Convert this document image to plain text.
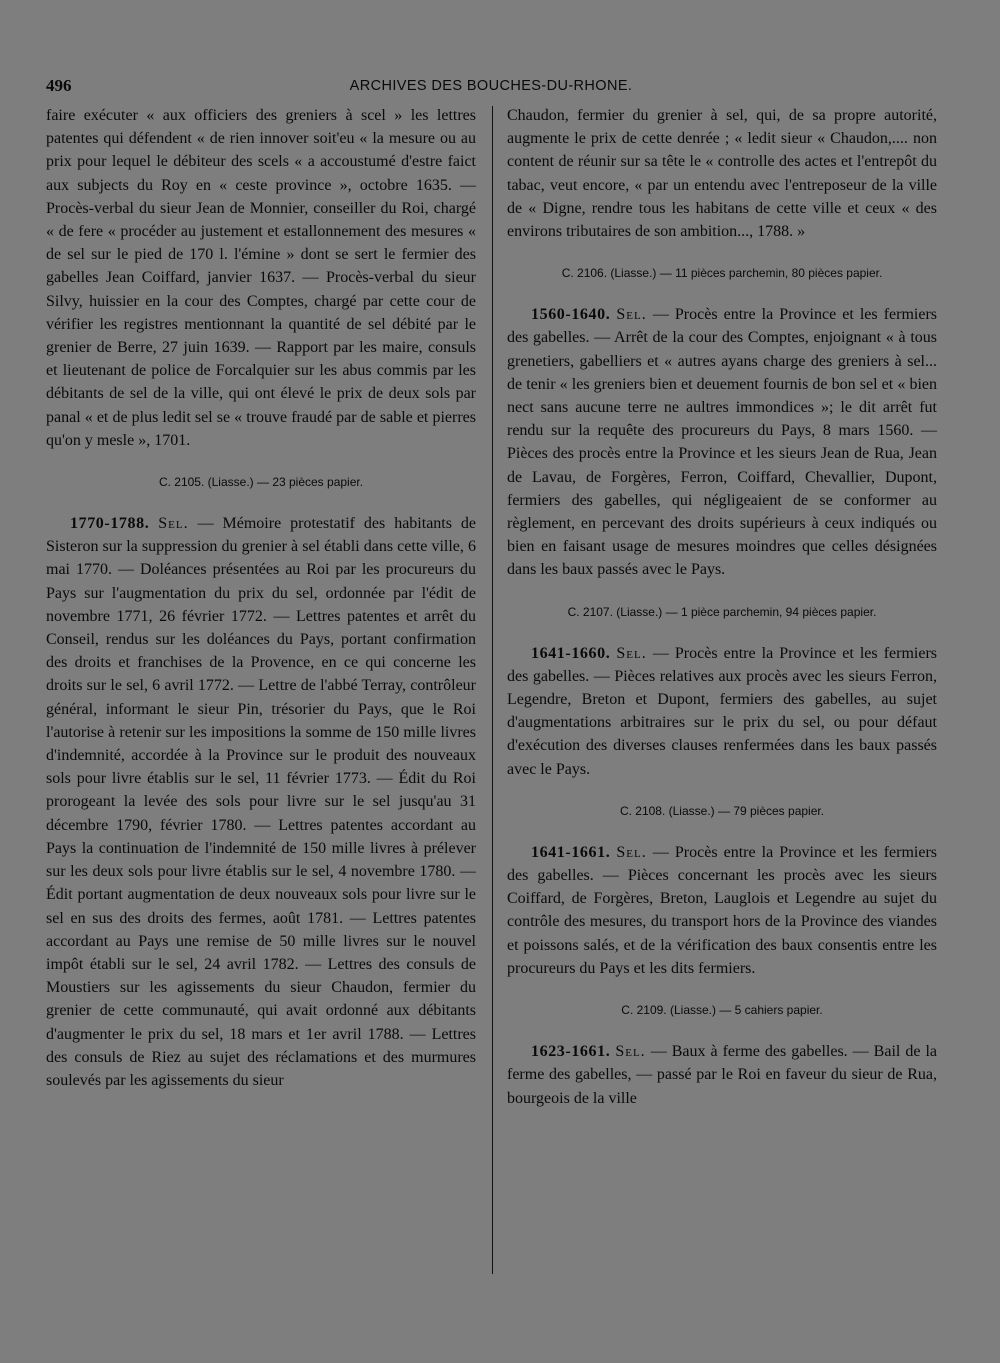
496	ARCHIVES DES BOUCHES-DU-RHONE.

faire exécuter « aux officiers des greniers à scel » les lettres patentes qui défendent « de rien innover soit'eu « la mesure ou au prix pour lequel le débiteur des scels « a accoustumé d'estre faict aux subjects du Roy en « ceste province », octobre 1635. — Procès-verbal du sieur Jean de Monnier, conseiller du Roi, chargé « de fere « procéder au justement et estallonnement des mesures « de sel sur le pied de 170 l. l'émine » dont se sert le fermier des gabelles Jean Coiffard, janvier 1637. — Procès-verbal du sieur Silvy, huissier en la cour des Comptes, chargé par cette cour de vérifier les registres mentionnant la quantité de sel débité par le grenier de Berre, 27 juin 1639. — Rapport par les maire, consuls et lieutenant de police de Forcalquier sur les abus commis par les débitants de sel de la ville, qui ont élevé le prix de deux sols par panal « et de plus ledit sel se « trouve fraudé par de sable et pierres qu'on y mesle », 1701.

C. 2105. (Liasse.) — 23 pièces papier.

1770-1788. Sel. — Mémoire protestatif des habitants de Sisteron sur la suppression du grenier à sel établi dans cette ville, 6 mai 1770. — Doléances présentées au Roi par les procureurs du Pays sur l'augmentation du prix du sel, ordonnée par l'édit de novembre 1771, 26 février 1772. — Lettres patentes et arrêt du Conseil, rendus sur les doléances du Pays, portant confirmation des droits et franchises de la Provence, en ce qui concerne les droits sur le sel, 6 avril 1772. — Lettre de l'abbé Terray, contrôleur général, informant le sieur Pin, trésorier du Pays, que le Roi l'autorise à retenir sur les impositions la somme de 150 mille livres d'indemnité, accordée à la Province sur le produit des nouveaux sols pour livre établis sur le sel, 11 février 1773. — Édit du Roi prorogeant la levée des sols pour livre sur le sel jusqu'au 31 décembre 1790, février 1780. — Lettres patentes accordant au Pays la continuation de l'indemnité de 150 mille livres à prélever sur les deux sols pour livre établis sur le sel, 4 novembre 1780. — Édit portant augmentation de deux nouveaux sols pour livre sur le sel en sus des droits des fermes, août 1781. — Lettres patentes accordant au Pays une remise de 50 mille livres sur le nouvel impôt établi sur le sel, 24 avril 1782. — Lettres des consuls de Moustiers sur les agissements du sieur Chaudon, fermier du grenier de cette communauté, qui avait ordonné aux débitants d'augmenter le prix du sel, 18 mars et 1er avril 1788. — Lettres des consuls de Riez au sujet des réclamations et des murmures soulevés par les agissements du sieur

Chaudon, fermier du grenier à sel, qui, de sa propre autorité, augmente le prix de cette denrée ; « ledit sieur « Chaudon,.... non content de réunir sur sa tête le « controlle des actes et l'entrepôt du tabac, veut encore, « par un entendu avec l'entreposeur de la ville de « Digne, rendre tous les habitans de cette ville et ceux « des environs tributaires de son ambition..., 1788. »

C. 2106. (Liasse.) — 11 pièces parchemin, 80 pièces papier.

1560-1640. Sel. — Procès entre la Province et les fermiers des gabelles. — Arrêt de la cour des Comptes, enjoignant « à tous grenetiers, gabelliers et « autres ayans charge des greniers à sel... de tenir « les greniers bien et deuement fournis de bon sel et « bien nect sans aucune terre ne aultres immondices »; le dit arrêt fut rendu sur la requête des procureurs du Pays, 8 mars 1560. — Pièces des procès entre la Province et les sieurs Jean de Rua, Jean de Lavau, de Forgères, Ferron, Coiffard, Chevallier, Dupont, fermiers des gabelles, qui négligeaient de se conformer au règlement, en percevant des droits supérieurs à ceux indiqués ou bien en faisant usage de mesures moindres que celles désignées dans les baux passés avec le Pays.

C. 2107. (Liasse.) — 1 pièce parchemin, 94 pièces papier.

1641-1660. Sel. — Procès entre la Province et les fermiers des gabelles. — Pièces relatives aux procès avec les sieurs Ferron, Legendre, Breton et Dupont, fermiers des gabelles, au sujet d'augmentations arbitraires sur le prix du sel, ou pour défaut d'exécution des diverses clauses renfermées dans les baux passés avec le Pays.

C. 2108. (Liasse.) — 79 pièces papier.

1641-1661. Sel. — Procès entre la Province et les fermiers des gabelles. — Pièces concernant les procès avec les sieurs Coiffard, de Forgères, Breton, Lauglois et Legendre au sujet du contrôle des mesures, du transport hors de la Province des viandes et poissons salés, et de la vérification des baux consentis entre les procureurs du Pays et les dits fermiers.

C. 2109. (Liasse.) — 5 cahiers papier.

1623-1661. Sel. — Baux à ferme des gabelles. — Bail de la ferme des gabelles, — passé par le Roi en faveur du sieur de Rua, bourgeois de la ville
